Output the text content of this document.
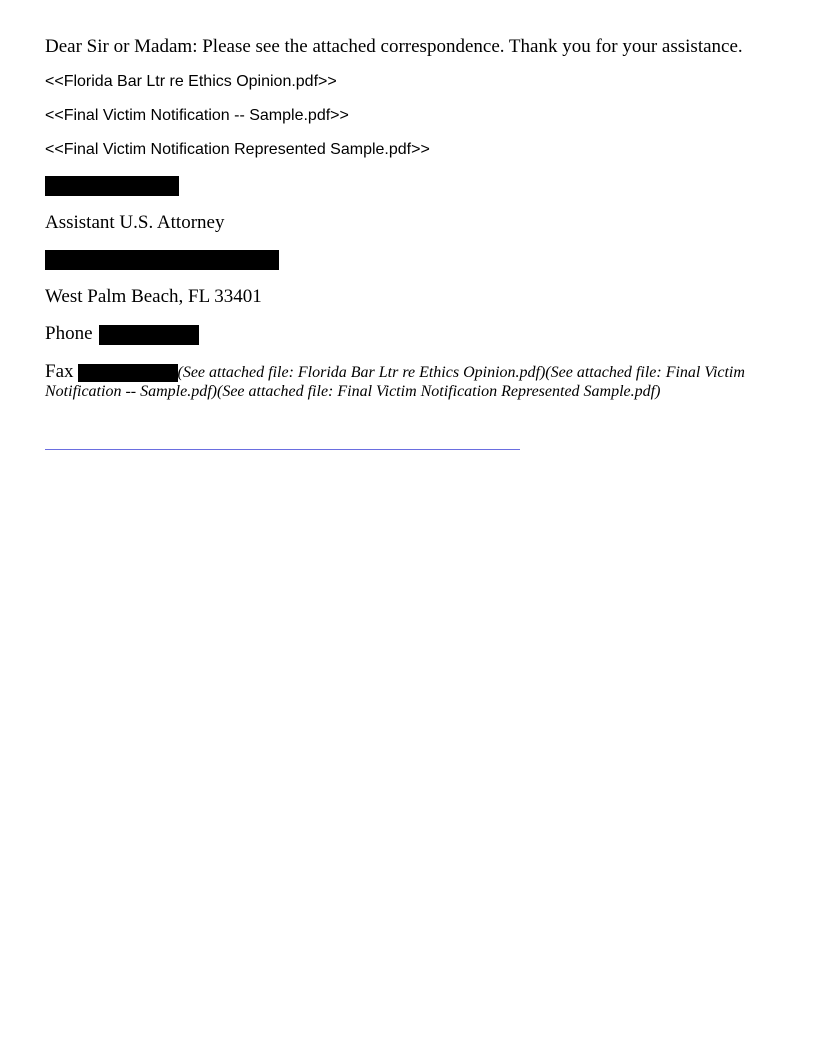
Dear Sir or Madam: Please see the attached correspondence. Thank you for your assistance.
<<Florida Bar Ltr re Ethics Opinion.pdf>>
<<Final Victim Notification -- Sample.pdf>>
<<Final Victim Notification Represented Sample.pdf>>
Assistant U.S. Attorney
West Palm Beach, FL 33401
Phone
Fax	(See attached file: Florida Bar Ltr re Ethics Opinion.pdf)(See attached file: Final Victim Notification -- Sample.pdf)(See attached file: Final Victim Notification Represented Sample.pdf)
